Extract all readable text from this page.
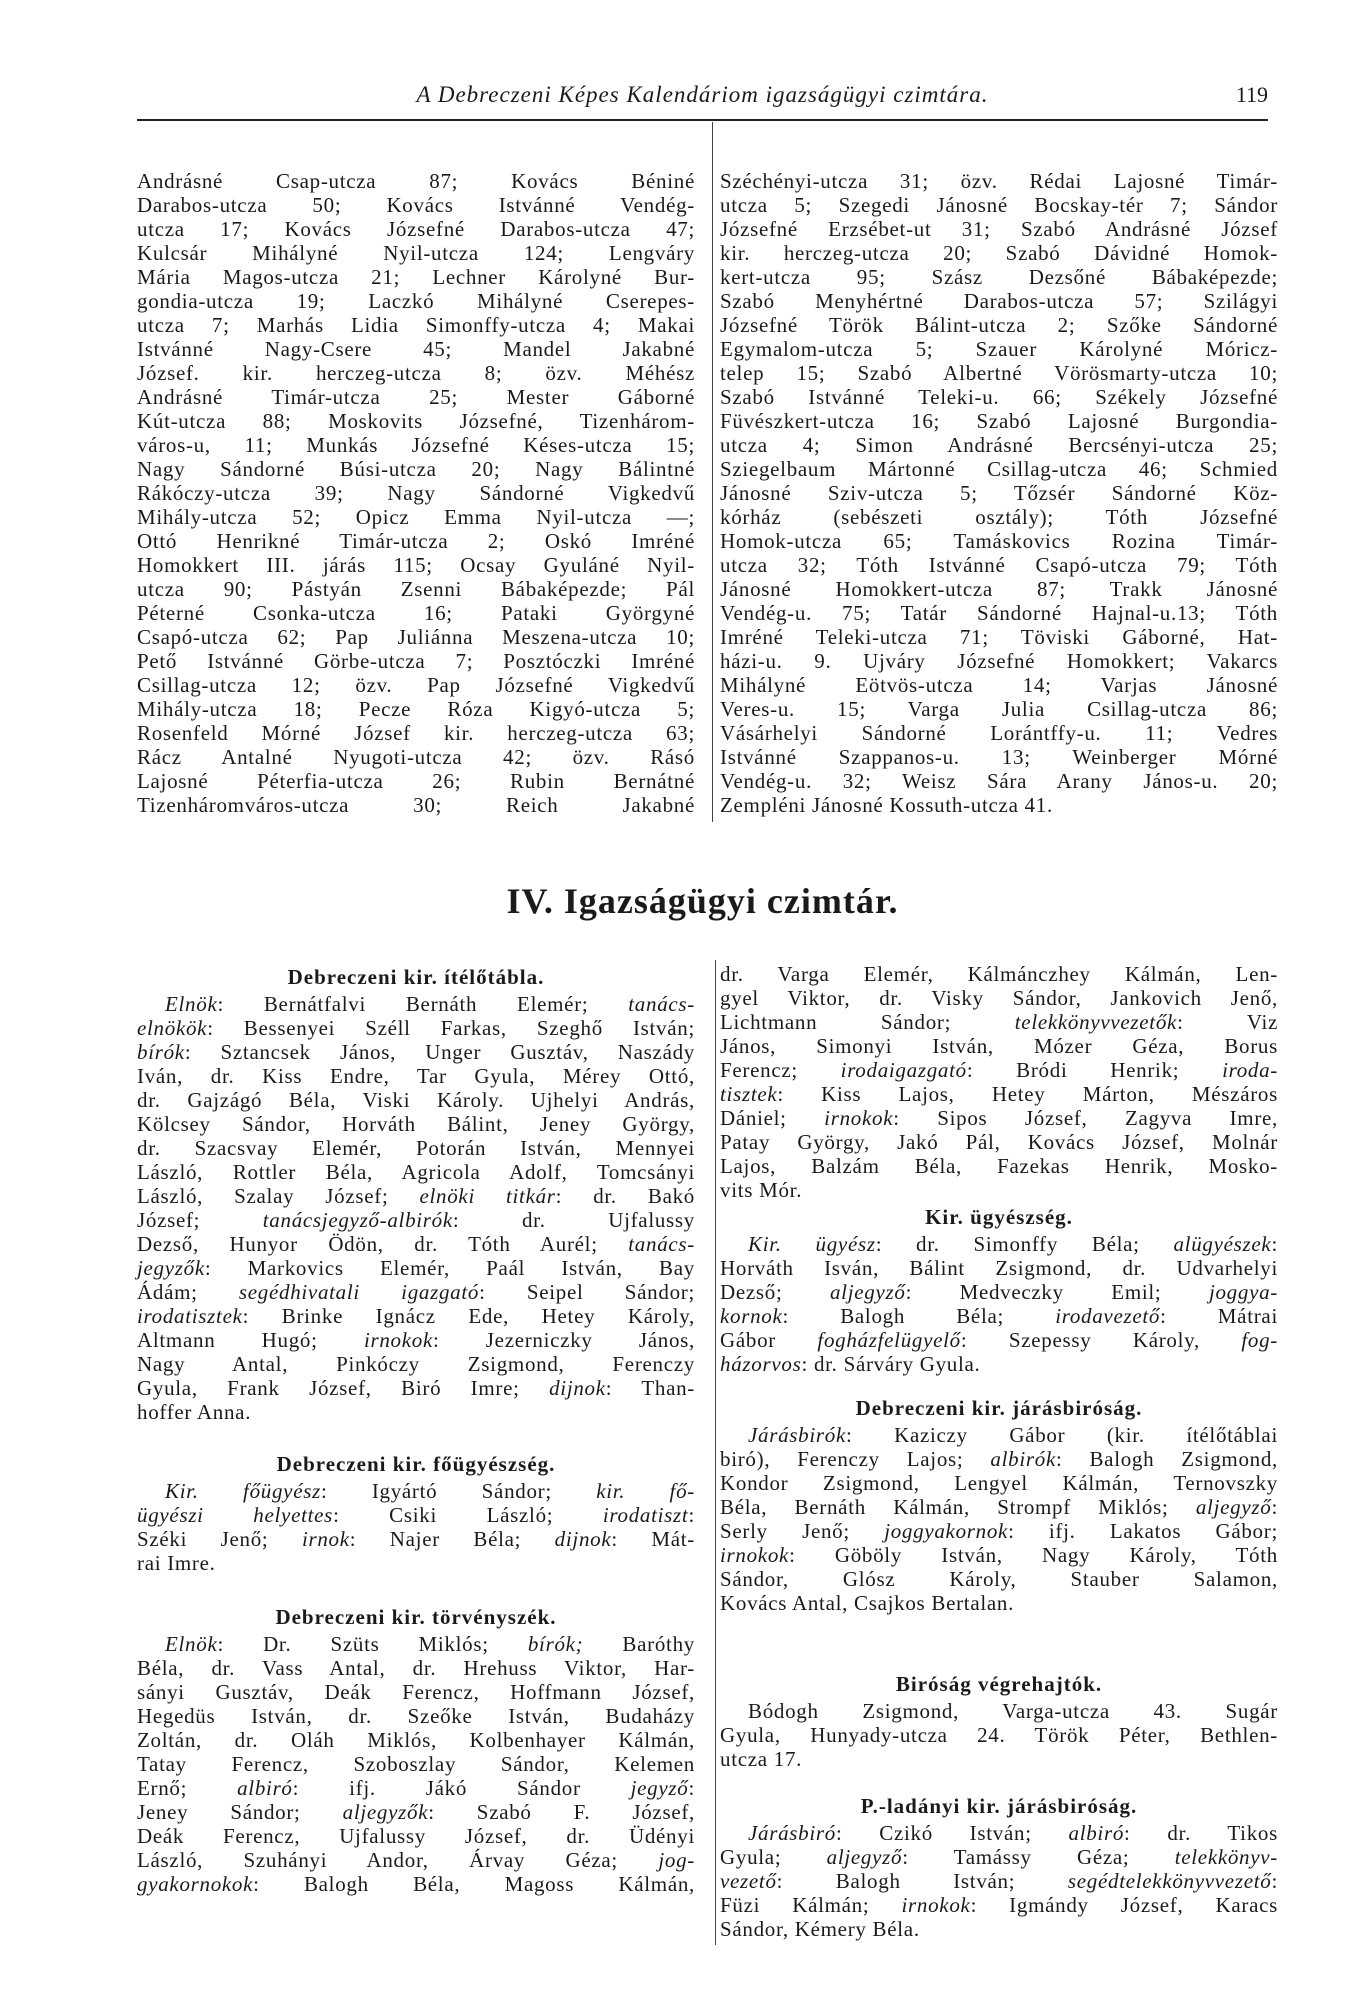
A Debreczeni Képes Kalendáriom igazságügyi czimtára.	119
Andrásné Csap-utcza 87; Kovács Béniné
Darabos-utcza 50; Kovács Istvánné Vendég-
utcza 17; Kovács Józsefné Darabos-utcza 47;
Kulcsár Mihályné Nyil-utcza 124; Lengváry
Mária Magos-utcza 21; Lechner Károlyné Bur-
gondia-utcza 19; Laczkó Mihályné Cserepes-
utcza 7; Marhás Lidia Simonffy-utcza 4; Makai
Istvánné Nagy-Csere 45; Mandel Jakabné
József. kir. herczeg-utcza 8; özv. Méhész
Andrásné Timár-utcza 25; Mester Gáborné
Kút-utcza 88; Moskovits Józsefné, Tizenhárom-
város-u, 11; Munkás Józsefné Késes-utcza 15;
Nagy Sándorné Búsi-utcza 20; Nagy Bálintné
Rákóczy-utcza 39; Nagy Sándorné Vigkedvű
Mihály-utcza 52; Opicz Emma Nyil-utcza —;
Ottó Henrikné Timár-utcza 2; Oskó Imréné
Homokkert III. járás 115; Ocsay Gyuláné Nyil-
utcza 90; Pástyán Zsenni Bábaképezde; Pál
Péterné Csonka-utcza 16; Pataki Györgyné
Csapó-utcza 62; Pap Juliánna Meszena-utcza 10;
Pető Istvánné Görbe-utcza 7; Posztóczki Imréné
Csillag-utcza 12; özv. Pap Józsefné Vigkedvű
Mihály-utcza 18; Pecze Róza Kigyó-utcza 5;
Rosenfeld Mórné József kir. herczeg-utcza 63;
Rácz Antalné Nyugoti-utcza 42; özv. Rásó
Lajosné Péterfia-utcza 26; Rubin Bernátné
Tizenháromváros-utcza 30; Reich Jakabné
Széchényi-utcza 31; özv. Rédai Lajosné Timár-
utcza 5; Szegedi Jánosné Bocskay-tér 7; Sándor
Józsefné Erzsébet-ut 31; Szabó Andrásné József
kir. herczeg-utcza 20; Szabó Dávidné Homok-
kert-utcza 95; Szász Dezsőné Bábaképezde;
Szabó Menyhértné Darabos-utcza 57; Szilágyi
Józsefné Török Bálint-utcza 2; Szőke Sándorné
Egymalom-utcza 5; Szauer Károlyné Móricz-
telep 15; Szabó Albertné Vörösmarty-utcza 10;
Szabó Istvánné Teleki-u. 66; Székely Józsefné
Füvészkert-utcza 16; Szabó Lajosné Burgondia-
utcza 4; Simon Andrásné Bercsényi-utcza 25;
Sziegelbaum Mártonné Csillag-utcza 46; Schmied
Jánosné Sziv-utcza 5; Tőzsér Sándorné Köz-
kórház (sebészeti osztály); Tóth Józsefné
Homok-utcza 65; Tamáskovics Rozina Timár-
utcza 32; Tóth Istvánné Csapó-utcza 79; Tóth
Jánosné Homokkert-utcza 87; Trakk Jánosné
Vendég-u. 75; Tatár Sándorné Hajnal-u.13; Tóth
Imréné Teleki-utcza 71; Töviski Gáborné, Hat-
házi-u. 9. Ujváry Józsefné Homokkert; Vakarcs
Mihályné Eötvös-utcza 14; Varjas Jánosné
Veres-u. 15; Varga Julia Csillag-utcza 86;
Vásárhelyi Sándorné Lorántffy-u. 11; Vedres
Istvánné Szappanos-u. 13; Weinberger Mórné
Vendég-u. 32; Weisz Sára Arany János-u. 20;
Zempléni Jánosné Kossuth-utcza 41.
IV. Igazságügyi czimtár.
Debreczeni kir. ítélőtábla.
Elnök: Bernátfalvi Bernáth Elemér; tanács-
elnökök: Bessenyei Széll Farkas, Szeghő István;
bírók: Sztancsek János, Unger Gusztáv, Naszády
Iván, dr. Kiss Endre, Tar Gyula, Mérey Ottó,
dr. Gajzágó Béla, Viski Károly. Ujhelyi András,
Kölcsey Sándor, Horváth Bálint, Jeney György,
dr. Szacsvay Elemér, Potorán István, Mennyei
László, Rottler Béla, Agricola Adolf, Tomcsányi
László, Szalay József; elnöki titkár: dr. Bakó
József; tanácsjegyző-albirók: dr. Ujfalussy
Dezső, Hunyor Ödön, dr. Tóth Aurél; tanács-
jegyzők: Markovics Elemér, Paál István, Bay
Ádám; segédhivatali igazgató: Seipel Sándor;
irodatisztek: Brinke Ignácz Ede, Hetey Károly,
Altmann Hugó; irnokok: Jezerniczky János,
Nagy Antal, Pinkóczy Zsigmond, Ferenczy
Gyula, Frank József, Biró Imre; dijnok: Than-
hoffer Anna.
Debreczeni kir. főügyészség.
Kir. főügyész: Igyártó Sándor; kir. fő-
ügyészi helyettes: Csiki László; irodatiszt:
Széki Jenő; irnok: Najer Béla; dijnok: Mát-
rai Imre.
Debreczeni kir. törvényszék.
Elnök: Dr. Szüts Miklós; bírók; Baróthy
Béla, dr. Vass Antal, dr. Hrehuss Viktor, Har-
sányi Gusztáv, Deák Ferencz, Hoffmann József,
Hegedüs István, dr. Szeőke István, Budaházy
Zoltán, dr. Oláh Miklós, Kolbenhayer Kálmán,
Tatay Ferencz, Szoboszlay Sándor, Kelemen
Ernő; albiró: ifj. Jákó Sándor jegyző:
Jeney Sándor; aljegyzők: Szabó F. József,
Deák Ferencz, Ujfalussy József, dr. Üdényi
László, Szuhányi Andor, Árvay Géza; jog-
gyakornokok: Balogh Béla, Magoss Kálmán,
dr. Varga Elemér, Kálmánczhey Kálmán, Len-
gyel Viktor, dr. Visky Sándor, Jankovich Jenő,
Lichtmann Sándor; telekkönyvvezetők: Viz
János, Simonyi István, Mózer Géza, Borus
Ferencz; irodaigazgató: Bródi Henrik; iroda-
tisztek: Kiss Lajos, Hetey Márton, Mészáros
Dániel; irnokok: Sipos József, Zagyva Imre,
Patay György, Jakó Pál, Kovács József, Molnár
Lajos, Balzám Béla, Fazekas Henrik, Mosko-
vits Mór.
Kir. ügyészség.
Kir. ügyész: dr. Simonffy Béla; alügyészek:
Horváth Isván, Bálint Zsigmond, dr. Udvarhelyi
Dezső; aljegyző: Medveczky Emil; joggya-
kornok: Balogh Béla; irodavezető: Mátrai
Gábor fogházfelügyelő: Szepessy Károly, fog-
házorvos: dr. Sárváry Gyula.
Debreczeni kir. járásbiróság.
Járásbirók: Kaziczy Gábor (kir. ítélőtáblai
biró), Ferenczy Lajos; albirók: Balogh Zsigmond,
Kondor Zsigmond, Lengyel Kálmán, Ternovszky
Béla, Bernáth Kálmán, Strompf Miklós; aljegyző:
Serly Jenő; joggyakornok: ifj. Lakatos Gábor;
irnokok: Göböly István, Nagy Károly, Tóth
Sándor, Glósz Károly, Stauber Salamon,
Kovács Antal, Csajkos Bertalan.
Biróság végrehajtók.
Bódogh Zsigmond, Varga-utcza 43. Sugár
Gyula, Hunyady-utcza 24. Török Péter, Bethlen-
utcza 17.
P.-ladányi kir. járásbiróság.
Járásbiró: Czikó István; albiró: dr. Tikos
Gyula; aljegyző: Tamássy Géza; telekkönyv-
vezető: Balogh István; segédtelekkönyvvezető:
Füzi Kálmán; irnokok: Igmándy József, Karacs
Sándor, Kémery Béla.
